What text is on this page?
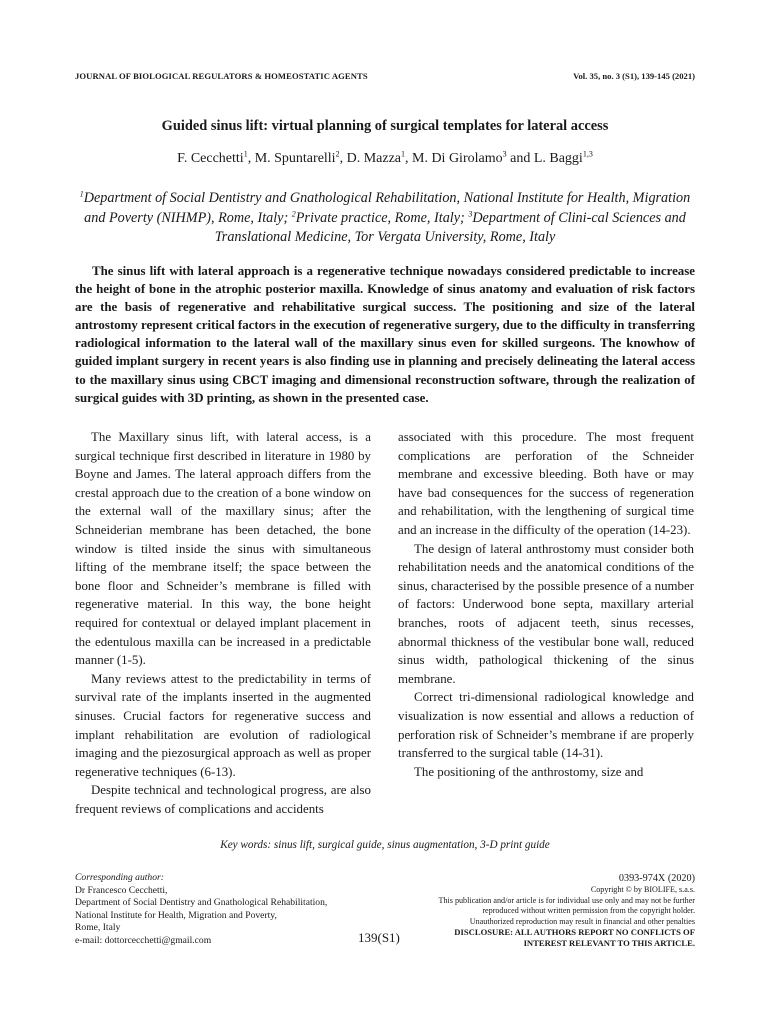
JOURNAL OF BIOLOGICAL REGULATORS & HOMEOSTATIC AGENTS	Vol. 35, no. 3 (S1), 139-145 (2021)
Guided sinus lift: virtual planning of surgical templates for lateral access
F. Cecchetti$^1$, M. Spuntarelli$^2$, D. Mazza$^1$, M. Di Girolamo$^3$ and L. Baggi$^{1,3}$
$^1$Department of Social Dentistry and Gnathological Rehabilitation, National Institute for Health, Migration and Poverty (NIHMP), Rome, Italy; $^2$Private practice, Rome, Italy; $^3$Department of Clini-cal Sciences and Translational Medicine, Tor Vergata University, Rome, Italy

The sinus lift with lateral approach is a regenerative technique nowadays considered predictable to increase the height of bone in the atrophic posterior maxilla. Knowledge of sinus anatomy and evaluation of risk factors are the basis of regenerative and rehabilitative surgical success. The positioning and size of the lateral antrostomy represent critical factors in the execution of regenerative surgery, due to the difficulty in transferring radiological information to the lateral wall of the maxillary sinus even for skilled surgeons. The knowhow of guided implant surgery in recent years is also finding use in planning and precisely delineating the lateral access to the maxillary sinus using CBCT imaging and dimensional reconstruction software, through the realization of surgical guides with 3D printing, as shown in the presented case.

The Maxillary sinus lift, with lateral access, is a surgical technique first described in literature in 1980 by Boyne and James. The lateral approach differs from the crestal approach due to the creation of a bone window on the external wall of the maxillary sinus; after the Schneiderian membrane has been detached, the bone window is tilted inside the sinus with simultaneous lifting of the membrane itself; the space between the bone floor and Schneider’s membrane is filled with regenerative material. In this way, the bone height required for contextual or delayed implant placement in the edentulous maxilla can be increased in a predictable manner (1-5).

Many reviews attest to the predictability in terms of survival rate of the implants inserted in the augmented sinuses. Crucial factors for regenerative success and implant rehabilitation are evolution of radiological imaging and the piezosurgical approach as well as proper regenerative techniques (6-13).

Despite technical and technological progress, are also frequent reviews of complications and accidents

associated with this procedure. The most frequent complications are perforation of the Schneider membrane and excessive bleeding. Both have or may have bad consequences for the success of regeneration and rehabilitation, with the lengthening of surgical time and an increase in the difficulty of the operation (14-23).

The design of lateral anthrostomy must consider both rehabilitation needs and the anatomical conditions of the sinus, characterised by the possible presence of a number of factors: Underwood bone septa, maxillary arterial branches, roots of adjacent teeth, sinus recesses, abnormal thickness of the vestibular bone wall, reduced sinus width, pathological thickening of the sinus membrane.

Correct tri-dimensional radiological knowledge and visualization is now essential and allows a reduction of perforation risk of Schneider’s membrane if are properly transferred to the surgical table (14-31).

The positioning of the anthrostomy, size and

Key words: sinus lift, surgical guide, sinus augmentation, 3-D print guide
Corresponding author:
Dr Francesco Cecchetti,
Department of Social Dentistry and Gnathological Rehabilitation,
National Institute for Health, Migration and Poverty,
Rome, Italy
e-mail: dottorcecchetti@gmail.com	139(S1)
0393-974X (2020)
Copyright © by BIOLIFE, s.a.s.
This publication and/or article is for individual use only and may not be further
reproduced without written permission from the copyright holder.
Unauthorized reproduction may result in financial and other penalties
DISCLOSURE: ALL AUTHORS REPORT NO CONFLICTS OF
INTEREST RELEVANT TO THIS ARTICLE.
